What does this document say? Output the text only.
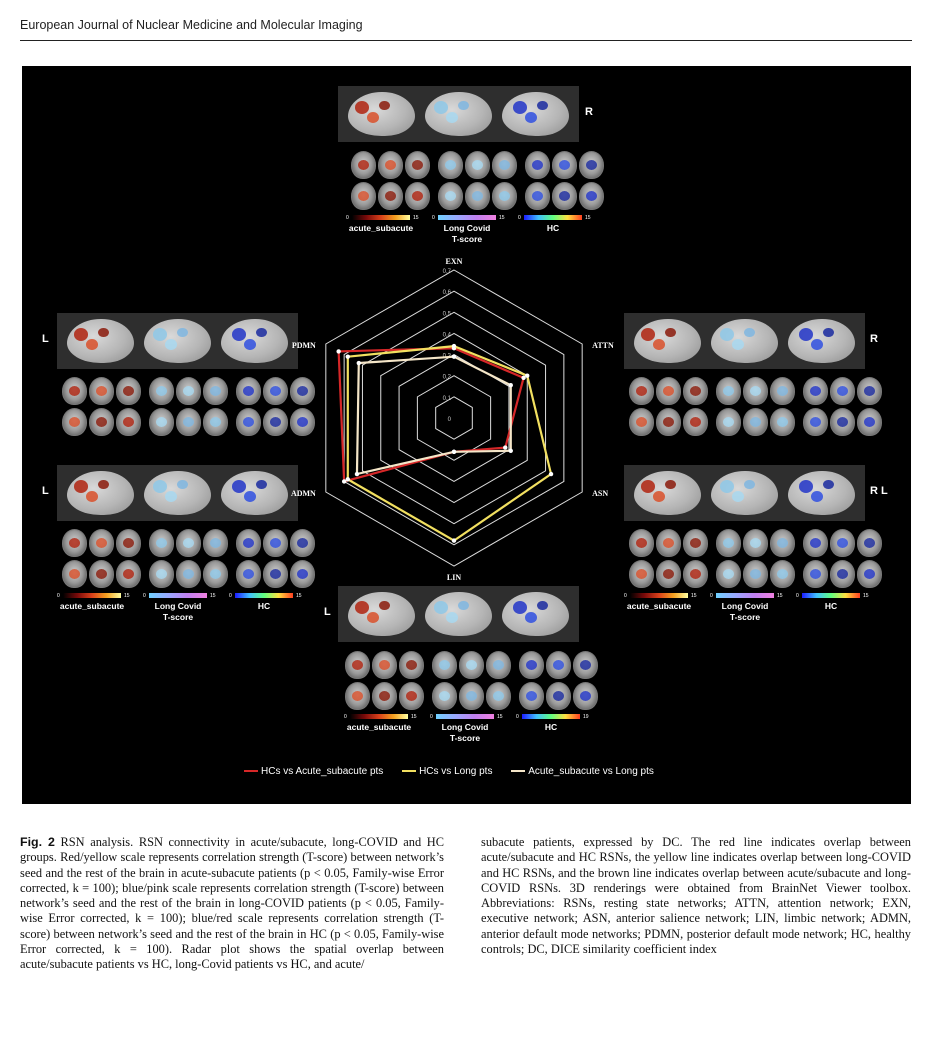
European Journal of Nuclear Medicine and Molecular Imaging
R
0	15
acute_subacute
0	15
Long Covid
T-score
0	15
HC
L	R
L
0	15
acute_subacute
0	15
Long Covid
T-score
0	15
HC
R L
0	15
acute_subacute
0	15
Long Covid
T-score
0	15
HC
L
0	15
acute_subacute
0	15
Long Covid
T-score
0	19
HC
0
0,1
0,2
0,3
0,4
0,5
0,6
0,7
EXN
ATTN
ASN
LIN
ADMN
PDMN
HCs vs Acute_subacute pts	HCs vs Long pts	Acute_subacute vs Long pts
Fig. 2 RSN analysis. RSN connectivity in acute/subacute, long-COVID and HC groups. Red/yellow scale represents correlation strength (T-score) between network’s seed and the rest of the brain in acute-subacute patients (p < 0.05, Family-wise Error corrected, k = 100); blue/pink scale represents correlation strength (T-score) between network’s seed and the rest of the brain in long-COVID patients (p < 0.05, Family-wise Error corrected, k = 100); blue/red scale represents correlation strength (T-score) between network’s seed and the rest of the brain in HC (p < 0.05, Family-wise Error corrected, k = 100). Radar plot shows the spatial overlap between acute/subacute patients vs HC, long-Covid patients vs HC, and acute/
subacute patients, expressed by DC. The red line indicates overlap between acute/subacute and HC RSNs, the yellow line indicates overlap between long-COVID and HC RSNs, and the brown line indicates overlap between acute/subacute and long-COVID RSNs. 3D renderings were obtained from BrainNet Viewer toolbox. Abbreviations: RSNs, resting state networks; ATTN, attention network; EXN, executive network; ASN, anterior salience network; LIN, limbic network; ADMN, anterior default mode networks; PDMN, posterior default mode network; HC, healthy controls; DC, DICE similarity coefficient index
